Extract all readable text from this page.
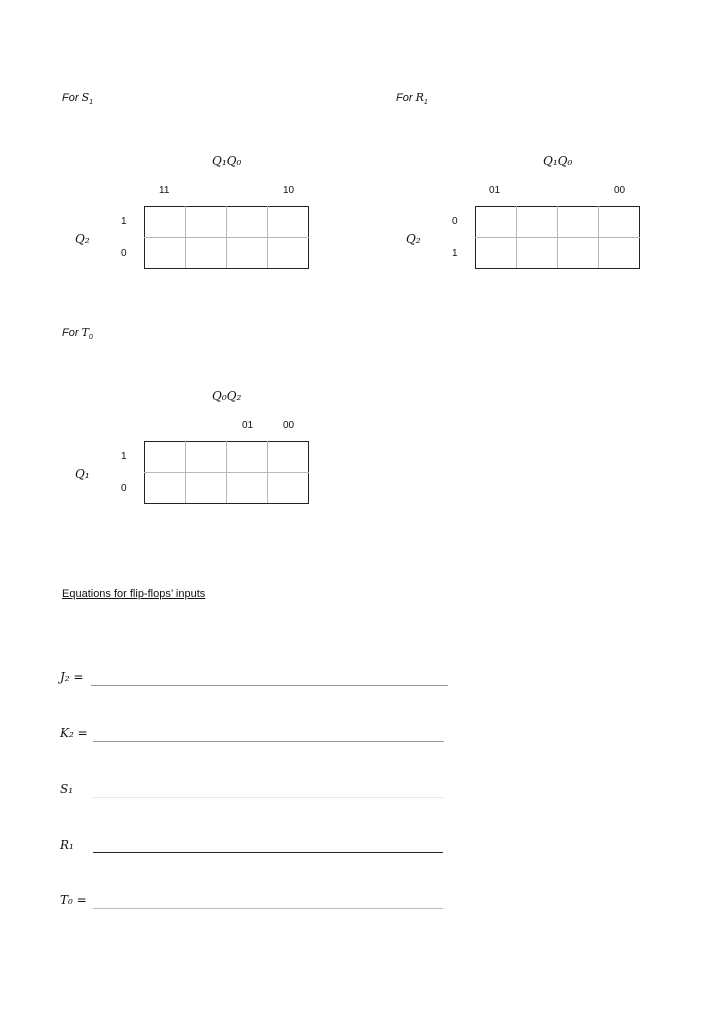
For $S_1$
Q₁Q₀
11	10
Q₂
1
0

For $R_1$
Q₁Q₀
01	00
Q₂
0
1

For $T_0$
Q₀Q₂
01	00
Q₁
1
0

Equations for flip-flops’ inputs
J₂ =
K₂ =
S₁
R₁
T₀ =
